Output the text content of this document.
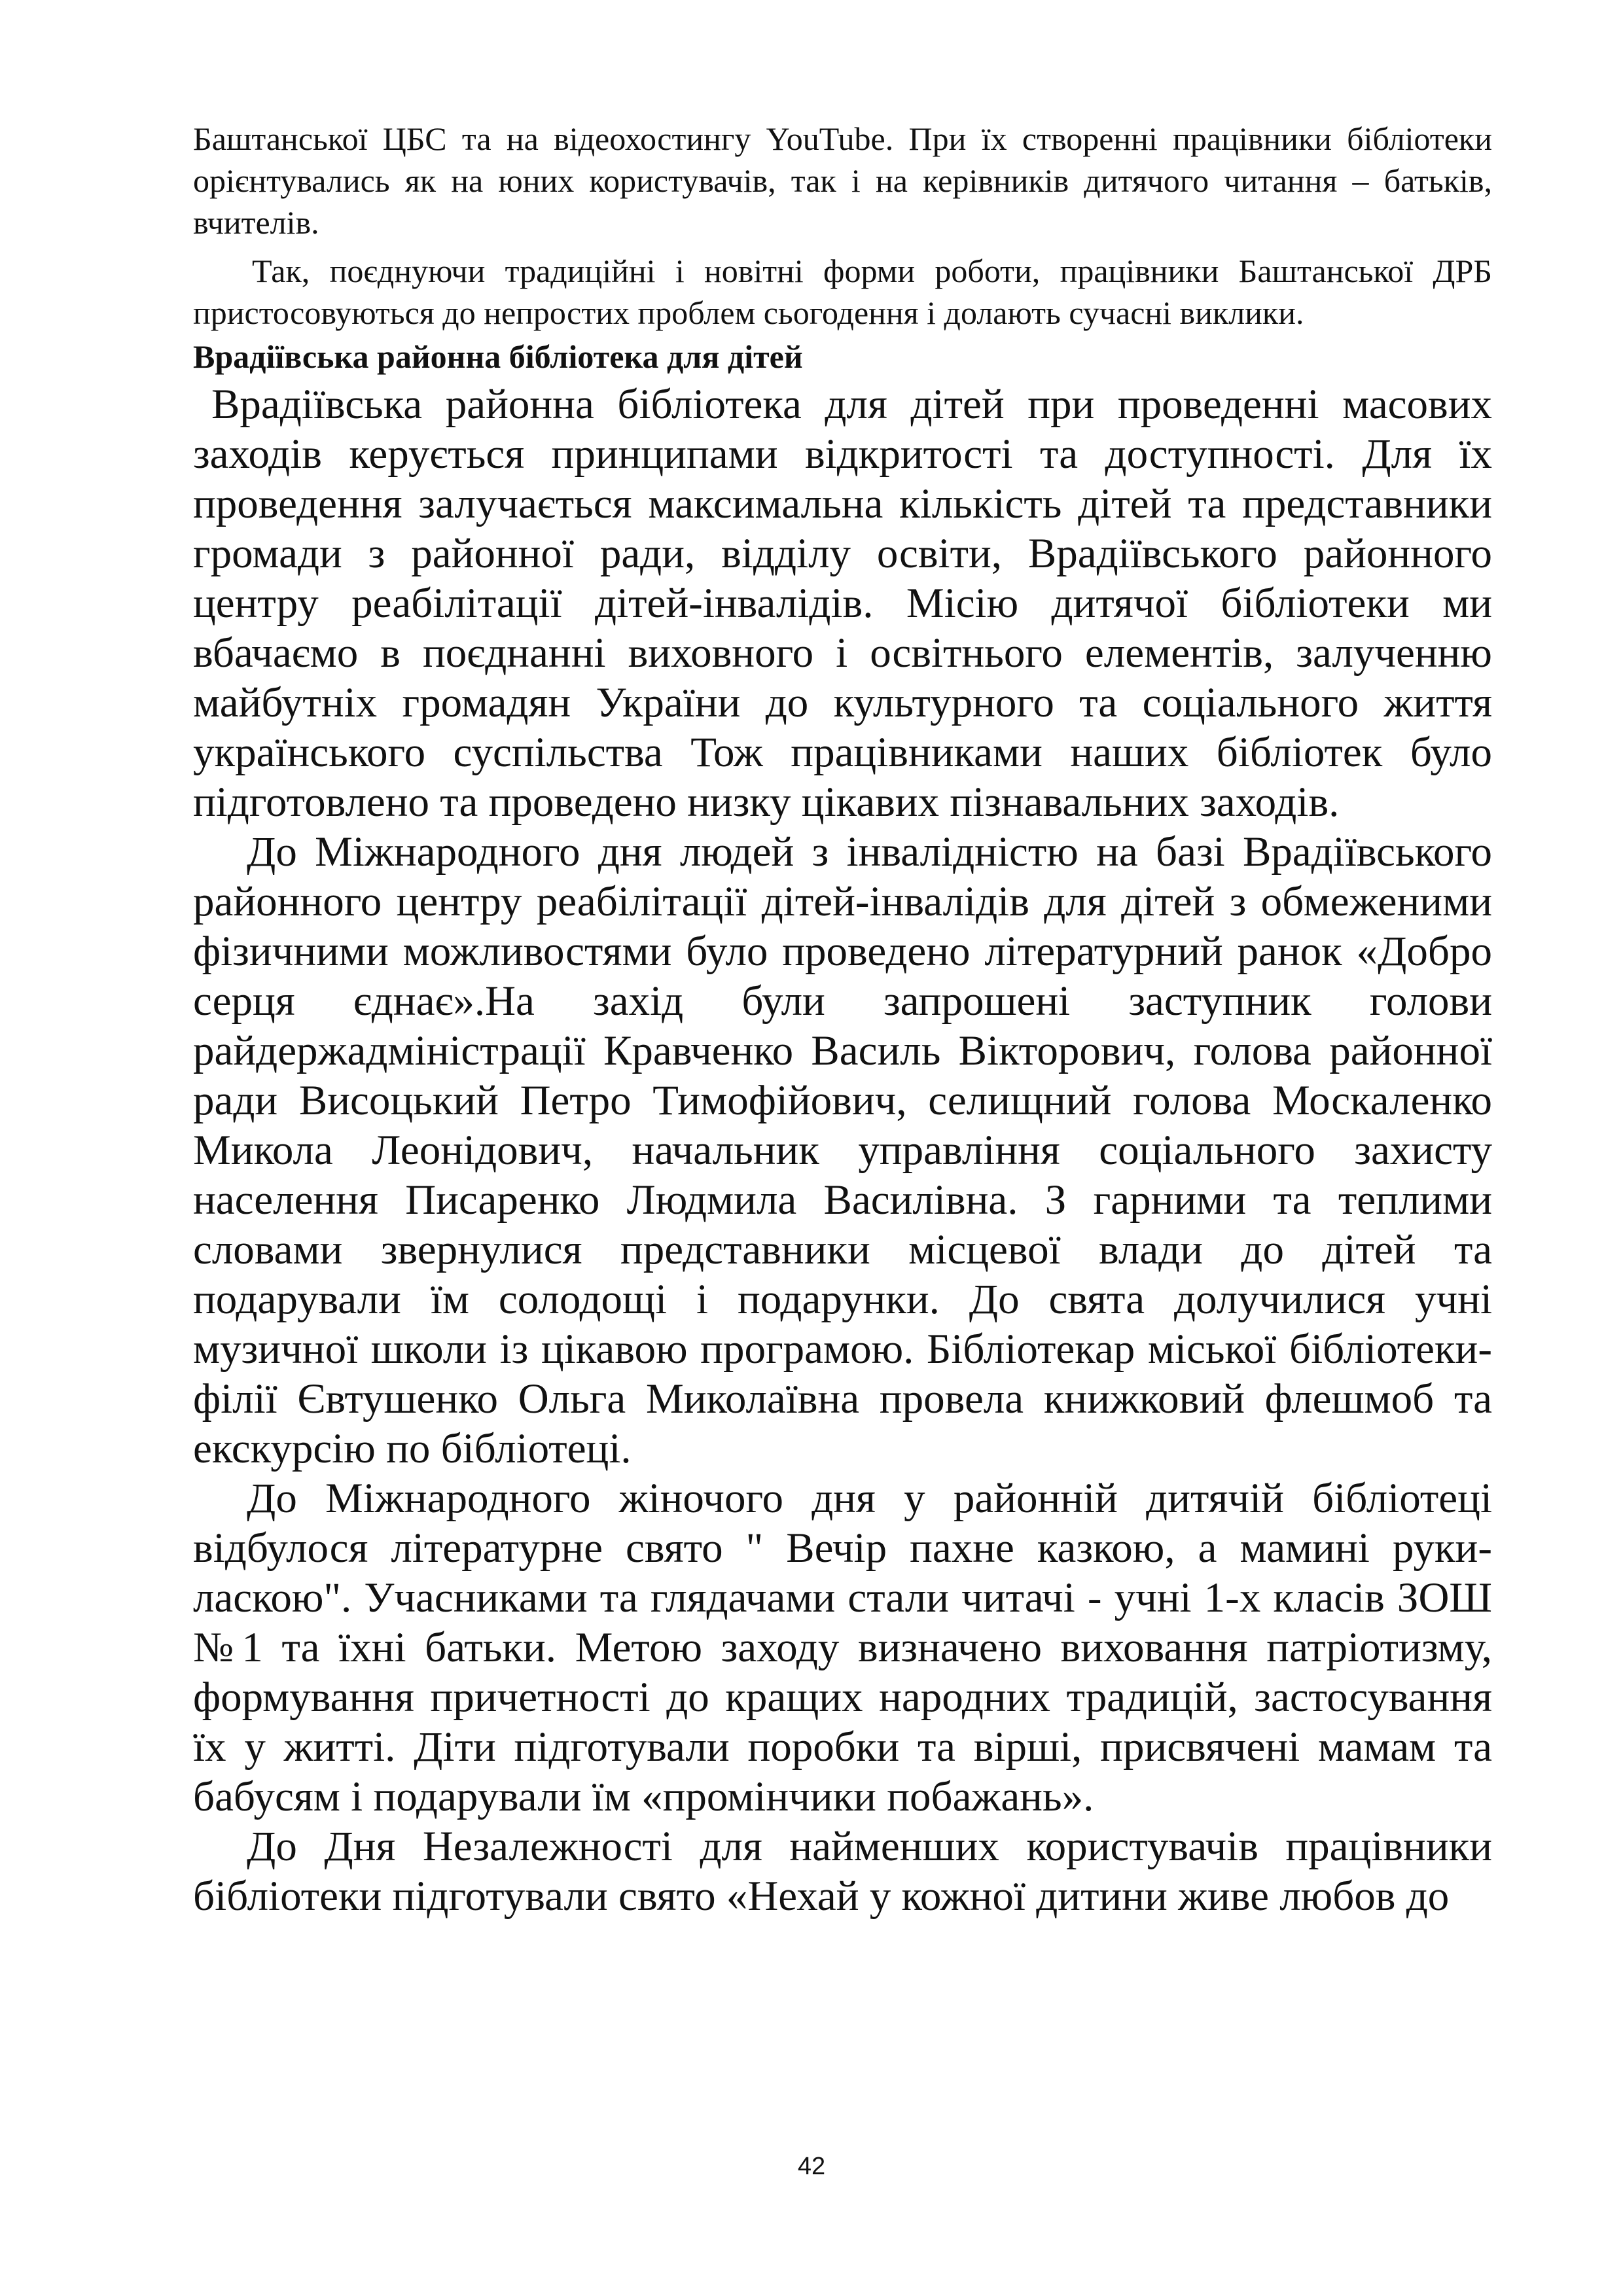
Баштанської ЦБС та на відеохостингу YouTube. При їх створенні працівники бібліотеки орієнтувались як на юних користувачів, так і на керівників дитячого читання – батьків, вчителів.

Так, поєднуючи традиційні і новітні форми роботи, працівники Баштанської ДРБ пристосовуються до непростих проблем сьогодення і долають сучасні виклики.

Врадіївська районна бібліотека для дітей

Врадіївська районна бібліотека для дітей при проведенні масових заходів керується принципами відкритості та доступності. Для їх проведення залучається максимальна кількість дітей та представники громади з районної ради, відділу освіти, Врадіївського районного центру реабілітації дітей-інвалідів. Місію дитячої бібліотеки ми вбачаємо в поєднанні виховного і освітнього елементів, залученню майбутніх громадян України до культурного та соціального життя українського суспільства Тож працівниками наших бібліотек було підготовлено та проведено низку цікавих пізнавальних заходів.

До Міжнародного дня людей з інвалідністю на базі Врадіївського районного центру реабілітації дітей-інвалідів для дітей з обмеженими фізичними можливостями було проведено літературний ранок «Добро серця єднає».На захід були запрошені заступник голови райдержадміністрації Кравченко Василь Вікторович, голова районної ради Висоцький Петро Тимофійович, селищний голова Москаленко Микола Леонідович, начальник управління соціального захисту населення Писаренко Людмила Василівна. З гарними та теплими словами звернулися представники місцевої влади до дітей та подарували їм солодощі і подарунки. До свята долучилися учні музичної школи із цікавою програмою. Бібліотекар міської бібліотеки- філії Євтушенко Ольга Миколаївна провела книжковий флешмоб та екскурсію по бібліотеці.

До Міжнародного жіночого дня у районній дитячій бібліотеці відбулося літературне свято " Вечір пахне казкою, а мамині руки- ласкою". Учасниками та глядачами стали читачі - учні 1-х класів ЗОШ №1 та їхні батьки. Метою заходу визначено виховання патріотизму, формування причетності до кращих народних традицій, застосування їх у житті. Діти підготували поробки та вірші, присвячені мамам та бабусям і подарували їм «промінчики побажань».

До Дня Незалежності для найменших користувачів працівники бібліотеки підготували свято «Нехай у кожної дитини живе любов до

42
